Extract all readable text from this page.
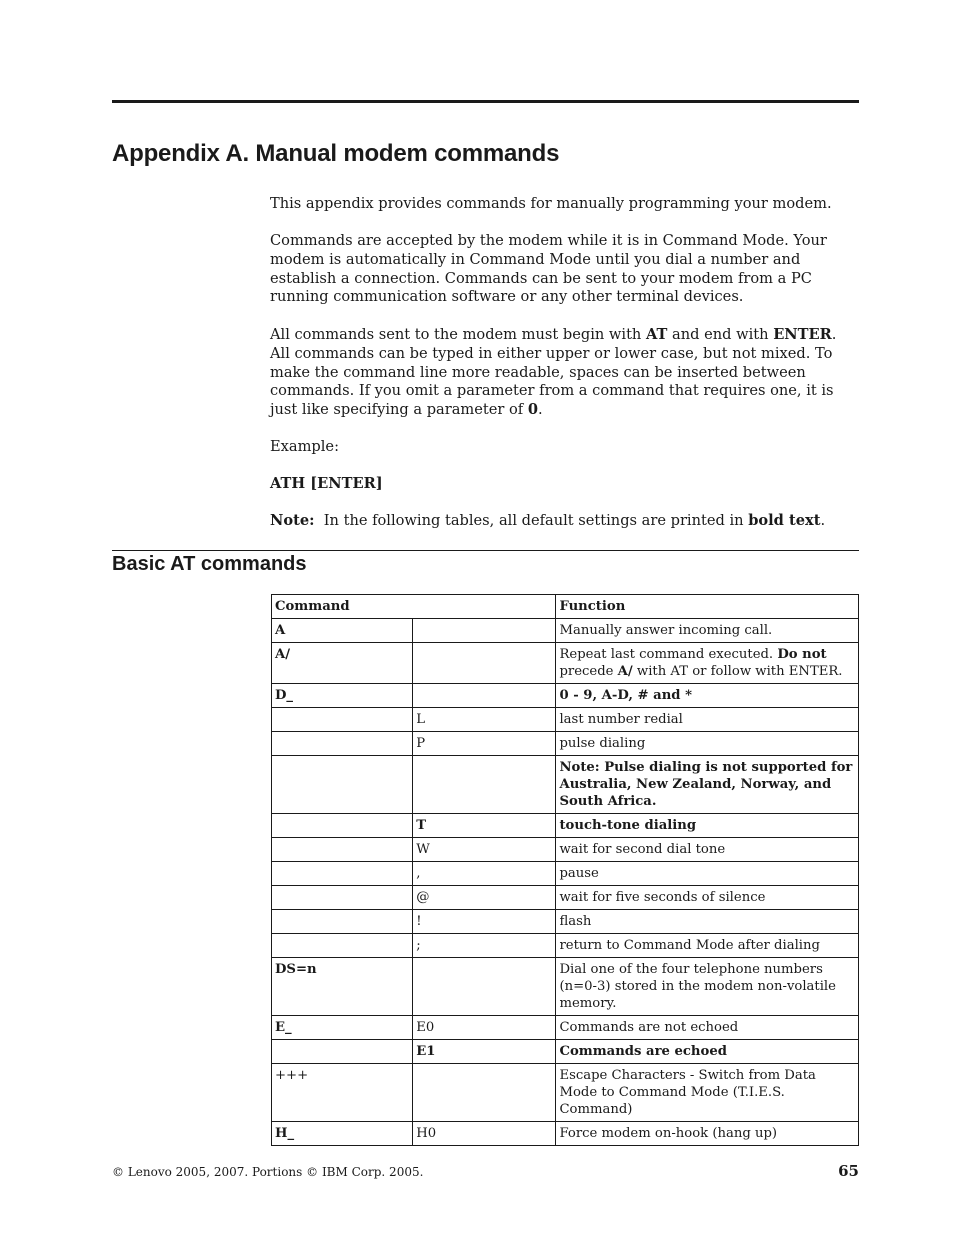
Appendix A. Manual modem commands

This appendix provides commands for manually programming your modem.

Commands are accepted by the modem while it is in Command Mode. Your modem is automatically in Command Mode until you dial a number and establish a connection. Commands can be sent to your modem from a PC running communication software or any other terminal devices.

All commands sent to the modem must begin with AT and end with ENTER. All commands can be typed in either upper or lower case, but not mixed. To make the command line more readable, spaces can be inserted between commands. If you omit a parameter from a command that requires one, it is just like specifying a parameter of 0.

Example:
ATH [ENTER]

Note: In the following tables, all default settings are printed in bold text.

Basic AT commands
Command		Function
A		Manually answer incoming call.
A/		Repeat last command executed. Do not precede A/ with AT or follow with ENTER.
D_		0 - 9, A-D, # and *
	L	last number redial
	P	pulse dialing
		Note: Pulse dialing is not supported for Australia, New Zealand, Norway, and South Africa.
	T	touch-tone dialing
	W	wait for second dial tone
	,	pause
	@	wait for five seconds of silence
	!	flash
	;	return to Command Mode after dialing
DS=n		Dial one of the four telephone numbers (n=0-3) stored in the modem non-volatile memory.
E_	E0	Commands are not echoed
	E1	Commands are echoed
+++		Escape Characters - Switch from Data Mode to Command Mode (T.I.E.S. Command)
H_	H0	Force modem on-hook (hang up)
© Lenovo 2005, 2007. Portions © IBM Corp. 2005.	65
